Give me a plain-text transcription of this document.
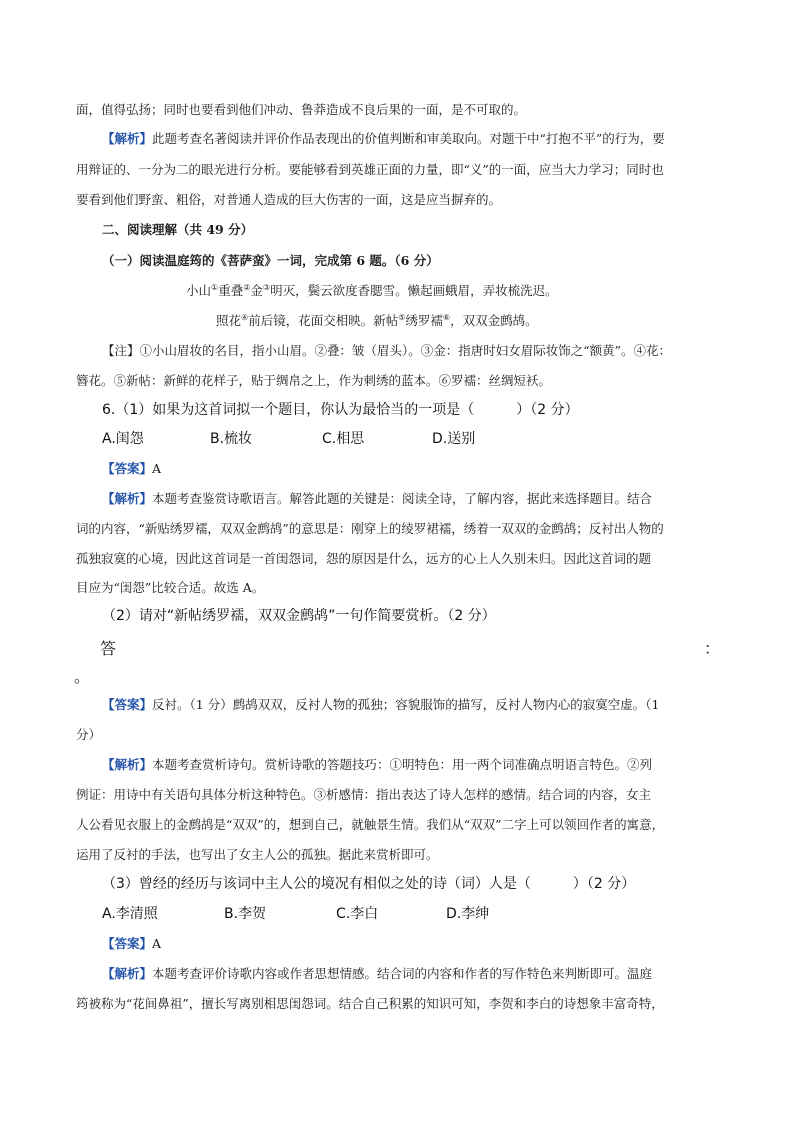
面，值得弘扬；同时也要看到他们冲动、鲁莽造成不良后果的一面，是不可取的。
【解析】此题考查名著阅读并评价作品表现出的价值判断和审美取向。对题干中“打抱不平”的行为，要
用辩证的、一分为二的眼光进行分析。要能够看到英雄正面的力量，即“义”的一面，应当大力学习；同时也
要看到他们野蛮、粗俗，对普通人造成的巨大伤害的一面，这是应当摒弃的。
二、阅读理解（共 49 分）
（一）阅读温庭筠的《菩萨蛮》一词，完成第 6 题。（6 分）
小山①重叠②金③明灭，鬓云欲度香腮雪。懒起画蛾眉，弄妆梳洗迟。
照花④前后镜，花面交相映。新帖⑤绣罗襦⑥，双双金鹧鸪。
【注】①小山眉妆的名目，指小山眉。②叠：皱（眉头）。③金：指唐时妇女眉际妆饰之“额黄”。④花：
簪花。⑤新帖：新鲜的花样子，贴于绸帛之上，作为刺绣的蓝本。⑥罗襦：丝绸短袄。
6.（1）如果为这首词拟一个题目，你认为最恰当的一项是（　　　）（2 分）
A.闺怨	B.梳妆	C.相思	D.送别
【答案】A
【解析】本题考查鉴赏诗歌语言。解答此题的关键是：阅读全诗，了解内容，据此来选择题目。结合
词的内容，“新贴绣罗襦，双双金鹧鸪”的意思是：刚穿上的绫罗裙襦，绣着一双双的金鹧鸪；反衬出人物的
孤独寂寞的心境，因此这首词是一首闺怨词，怨的原因是什么，远方的心上人久别未归。因此这首词的题
目应为“闺怨”比较合适。故选 A。
（2）请对“新帖绣罗襦，双双金鹧鸪”一句作简要赏析。（2 分）
答	：
。
【答案】反衬。（1 分）鹧鸪双双，反衬人物的孤独；容貌服饰的描写，反衬人物内心的寂寞空虚。（1
分）
【解析】本题考查赏析诗句。赏析诗歌的答题技巧：①明特色：用一两个词准确点明语言特色。②列
例证：用诗中有关语句具体分析这种特色。③析感情：指出表达了诗人怎样的感情。结合词的内容，女主
人公看见衣服上的金鹧鸪是“双双”的，想到自己，就触景生情。我们从“双双”二字上可以领回作者的寓意，
运用了反衬的手法，也写出了女主人公的孤独。据此来赏析即可。
（3）曾经的经历与该词中主人公的境况有相似之处的诗（词）人是（　　　）（2 分）
A.李清照	B.李贺	C.李白	D.李绅
【答案】A
【解析】本题考查评价诗歌内容或作者思想情感。结合词的内容和作者的写作特色来判断即可。温庭
筠被称为“花间鼻祖”，擅长写离别相思闺怨词。结合自己积累的知识可知，李贺和李白的诗想象丰富奇特，
